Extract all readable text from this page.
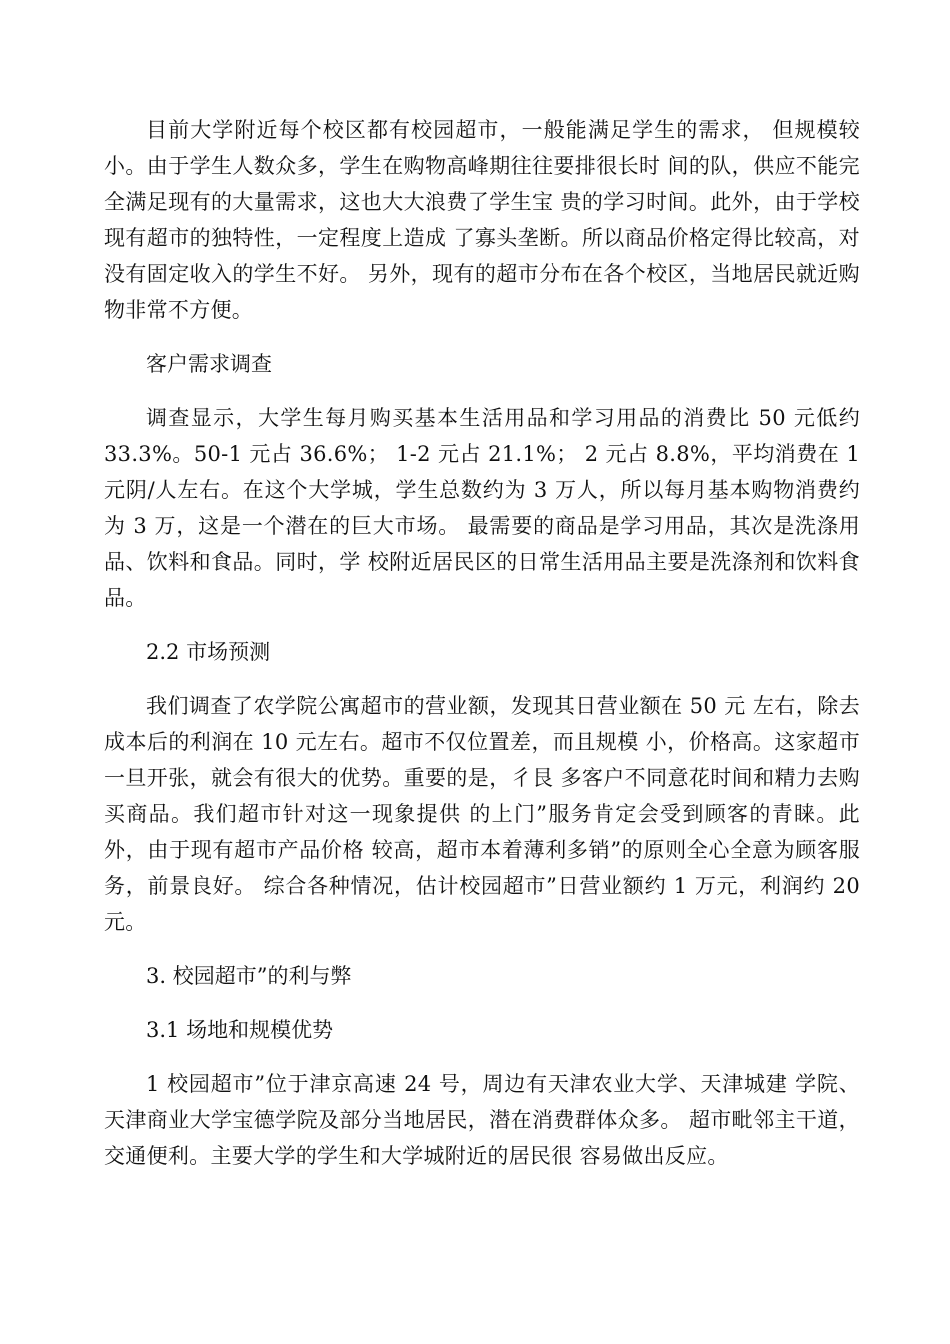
目前大学附近每个校区都有校园超市，一般能满足学生的需求， 但规模较小。由于学生人数众多，学生在购物高峰期往往要排很长时 间的队，供应不能完全满足现有的大量需求，这也大大浪费了学生宝 贵的学习时间。此外，由于学校现有超市的独特性，一定程度上造成 了寡头垄断。所以商品价格定得比较高，对没有固定收入的学生不好。 另外，现有的超市分布在各个校区，当地居民就近购物非常不方便。

客户需求调查

调查显示，大学生每月购买基本生活用品和学习用品的消费比 50 元低约 33.3%。50-1 元占 36.6%； 1-2 元占 21.1%； 2 元占 8.8%，平均消费在 1 元阴/人左右。在这个大学城，学生总数约为 3 万人，所以每月基本购物消费约为 3 万，这是一个潜在的巨大市场。 最需要的商品是学习用品，其次是洗涤用品、饮料和食品。同时，学 校附近居民区的日常生活用品主要是洗涤剂和饮料食品。

2.2 市场预测

我们调查了农学院公寓超市的营业额，发现其日营业额在 50 元 左右，除去成本后的利润在 10 元左右。超市不仅位置差，而且规模 小，价格高。这家超市一旦开张，就会有很大的优势。重要的是，彳艮 多客户不同意花时间和精力去购买商品。我们超市针对这一现象提供 的上门”服务肯定会受到顾客的青睐。此外，由于现有超市产品价格 较高，超市本着薄利多销”的原则全心全意为顾客服务，前景良好。 综合各种情况，估计校园超市”日营业额约 1 万元，利润约 20 元。

3. 校园超市”的利与弊
3.1 场地和规模优势

1 校园超市”位于津京高速 24 号，周边有天津农业大学、天津城建 学院、天津商业大学宝德学院及部分当地居民，潜在消费群体众多。 超市毗邻主干道，交通便利。主要大学的学生和大学城附近的居民很 容易做出反应。
